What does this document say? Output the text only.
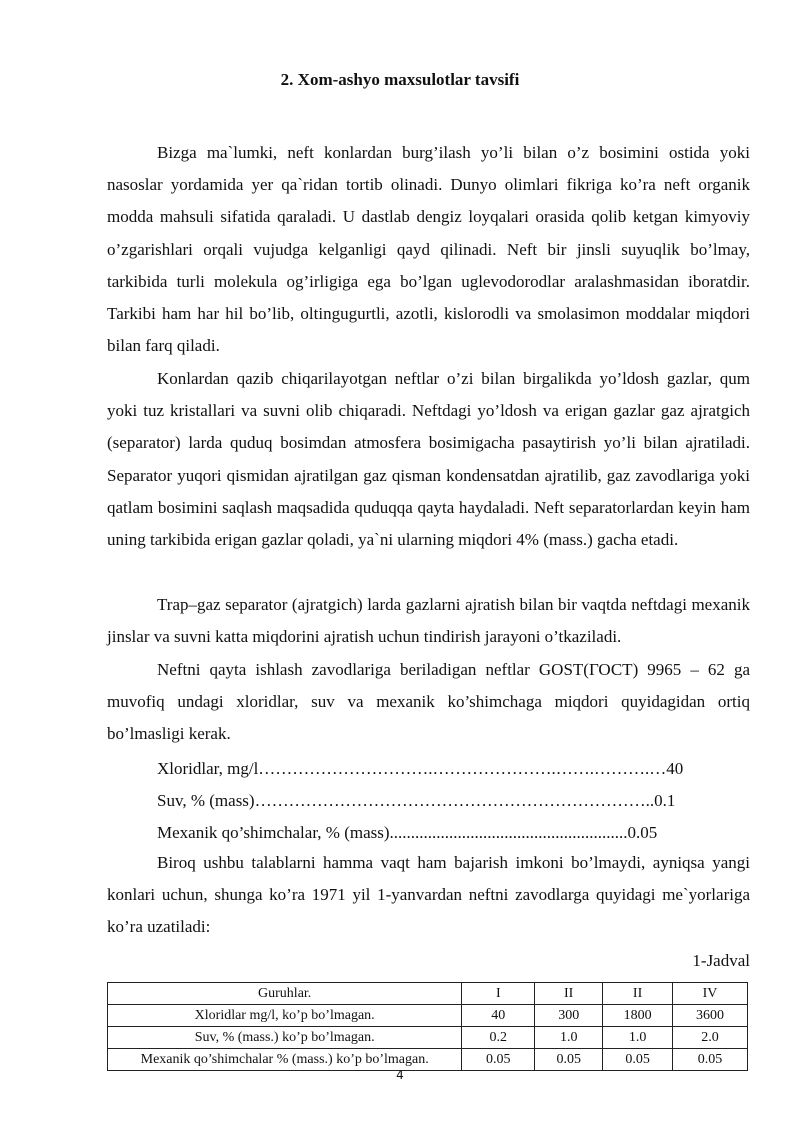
2. Xom-ashyo maxsulotlar tavsifi

Bizga ma`lumki, neft konlardan burg’ilash yo’li bilan o’z bosimini ostida yoki nasoslar yordamida yer qa`ridan tortib olinadi. Dunyo olimlari fikriga ko’ra neft organik modda mahsuli sifatida qaraladi. U dastlab dengiz loyqalari orasida qolib ketgan kimyoviy o’zgarishlari orqali vujudga kelganligi qayd qilinadi. Neft bir jinsli suyuqlik bo’lmay, tarkibida turli molekula og’irligiga ega bo’lgan uglevodorodlar aralashmasidan iboratdir. Tarkibi ham har hil bo’lib, oltingugurtli, azotli, kislorodli va smolasimon moddalar miqdori bilan farq qiladi.

Konlardan qazib chiqarilayotgan neftlar o’zi bilan birgalikda yo’ldosh gazlar, qum yoki tuz kristallari va suvni olib chiqaradi. Neftdagi yo’ldosh va erigan gazlar gaz ajratgich (separator) larda quduq bosimdan atmosfera bosimigacha pasaytirish yo’li bilan ajratiladi. Separator yuqori qismidan ajratilgan gaz qisman kondensatdan ajratilib, gaz zavodlariga yoki qatlam bosimini saqlash maqsadida quduqqa qayta haydaladi. Neft separatorlardan keyin ham uning tarkibida erigan gazlar qoladi, ya`ni ularning miqdori 4% (mass.) gacha etadi.

Trap–gaz separator (ajratgich) larda gazlarni ajratish bilan bir vaqtda neftdagi mexanik jinslar va suvni katta miqdorini ajratish uchun tindirish jarayoni o’tkaziladi.

Neftni qayta ishlash zavodlariga beriladigan neftlar GOST(ГОСТ) 9965 – 62 ga muvofiq undagi xloridlar, suv va mexanik ko’shimchaga miqdori quyidagidan ortiq bo’lmasligi kerak.

Xloridlar, mg/l………………………….………………….…….……….…40
Suv, % (mass)……………………………………………………………..0.1
Mexanik qo’shimchalar, % (mass)........................................................0.05

Biroq ushbu talablarni hamma vaqt ham bajarish imkoni bo’lmaydi, ayniqsa yangi konlari uchun, shunga ko’ra 1971 yil 1-yanvardan neftni zavodlarga quyidagi me`yorlariga ko’ra uzatiladi:

1-Jadval
Guruhlar.	I	II	II	IV
Xloridlar mg/l, ko’p bo’lmagan.	40	300	1800	3600
Suv, % (mass.) ko’p bo’lmagan.	0.2	1.0	1.0	2.0
Mexanik qo’shimchalar % (mass.) ko’p bo’lmagan.	0.05	0.05	0.05	0.05
4
